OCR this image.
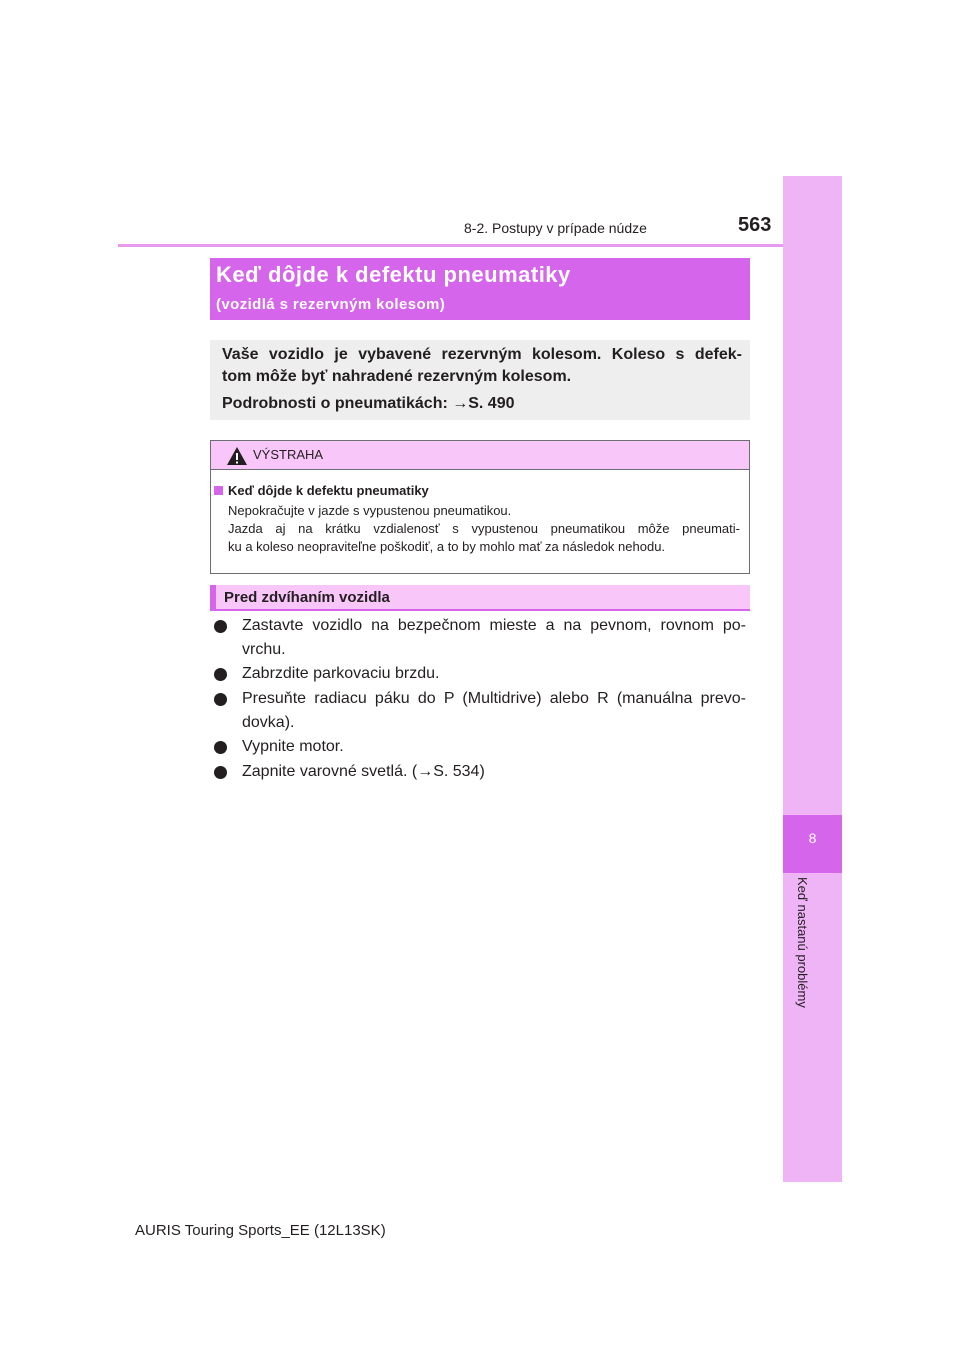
8-2. Postupy v prípade núdze	563
8
Keď nastanú problémy
Keď dôjde k defektu pneumatiky
(vozidlá s rezervným kolesom)
Vaše vozidlo je vybavené rezervným kolesom. Koleso s defek-
tom môže byť nahradené rezervným kolesom.
Podrobnosti o pneumatikách: →S. 490
VÝSTRAHA
Keď dôjde k defektu pneumatiky
Nepokračujte v jazde s vypustenou pneumatikou.
Jazda aj na krátku vzdialenosť s vypustenou pneumatikou môže pneumati-
ku a koleso neopraviteľne poškodiť, a to by mohlo mať za následok nehodu.
Pred zdvíhaním vozidla
Zastavte vozidlo na bezpečnom mieste a na pevnom, rovnom po-
vrchu.
Zabrzdite parkovaciu brzdu.
Presuňte radiacu páku do P (Multidrive) alebo R (manuálna prevo-
dovka).
Vypnite motor.
Zapnite varovné svetlá. (→S. 534)
AURIS Touring Sports_EE (12L13SK)
